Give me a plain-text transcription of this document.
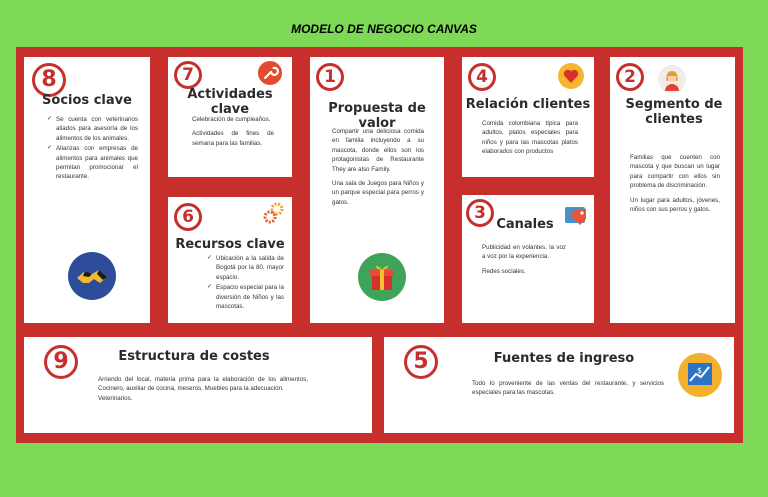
MODELO DE NEGOCIO CANVAS
8
Socios clave
✓ Se cuenta con veterinarios aliados para asesoría de los alimentos de los animales.
✓ Alianzas con empresas de alimentos para animales que permitan promocionar el restaurante.
7
Actividades clave

Celebración de cumpleaños.

Actividades de fines de semana para las familias.

6
Recursos clave
✓ Ubicación a la salida de Bogotá por la 80, mayor espacio.
✓ Espacio especial para la diversión de Niños y las mascotas.
1
Propuesta de valor

Compartir una deliciosa comida en familia incluyendo a su mascota, donde ellos son los protagonistas de Restaurante They are also Family.

Una sala de Juegos para Niños y un parque especial para perros y gatos.

4
Relación clientes

Comida colombiana típica para adultos, platos especiales para niños y para las mascotas platos elaborados con productos

3
Canales

Publicidad en volantes, la voz a voz por la experiencia.

Redes sociales.

2
Segmento de clientes

Familias que cuenten con mascota y que buscan un lugar para compartir con ellos sin problema de discriminación.

Un lugar para adultos, jóvenes, niños con sus perros y gatos.

9	Estructura de costes

Arriendo del local, materia prima para la elaboración de los alimentos, Cocinero, auxiliar de cocina, meseros, Muebles para la adecuación.

Veterinarios.

5	Fuentes de ingreso

Todo lo proveniente de las ventas del restaurante, y servicios especiales para las mascotas.

$
